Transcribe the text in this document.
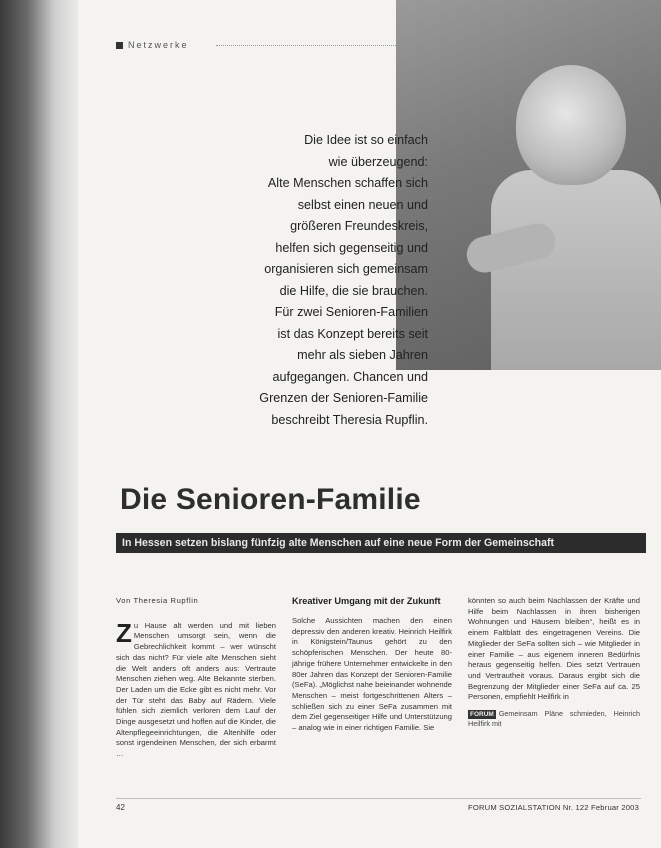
Netzwerke
Die Idee ist so einfach
wie überzeugend:
Alte Menschen schaffen sich
selbst einen neuen und
größeren Freundeskreis,
helfen sich gegenseitig und
organisieren sich gemeinsam
die Hilfe, die sie brauchen.
Für zwei Senioren-Familien
ist das Konzept bereits seit
mehr als sieben Jahren
aufgegangen. Chancen und
Grenzen der Senioren-Familie
beschreibt Theresia Rupflin.
Die Senioren-Familie
In Hessen setzen bislang fünfzig alte Menschen auf eine neue Form der Gemeinschaft
Von Theresia Rupflin
Z u Hause alt werden und mit lieben Menschen umsorgt sein, wenn die Gebrechlichkeit kommt – wer wünscht sich das nicht? Für viele alte Menschen sieht die Welt anders oft anders aus: Vertraute Menschen ziehen weg. Alte Bekannte sterben. Der Laden um die Ecke gibt es nicht mehr. Vor der Tür steht das Baby auf Rädern. Viele fühlen sich ziemlich verloren dem Lauf der Dinge ausgesetzt und hoffen auf die Kinder, die Altenpflegeeinrichtungen, die Altenhilfe oder sonst irgendeinen Menschen, der sich erbarmt …

Kreativer Umgang mit der Zukunft

Solche Aussichten machen den einen depressiv den anderen kreativ. Heinrich Heilfirk in Königstein/Taunus gehört zu den schöpferischen Menschen. Der heute 80-jährige frühere Unternehmer entwickelte in den 80er Jahren das Konzept der Senioren-Familie (SeFa). „Möglichst nahe beieinander wohnende Menschen – meist fortgeschrittenen Alters – schließen sich zu einer SeFa zusammen mit dem Ziel gegenseitiger Hilfe und Unterstützung – analog wie in einer richtigen Familie. Sie

könnten so auch beim Nachlassen der Kräfte und Hilfe beim Nachlassen in ihren bisherigen Wohnungen und Häusern bleiben“, heißt es in einem Faltblatt des eingetragenen Vereins. Die Mitglieder der SeFa sollten sich – wie Mitglieder in einer Familie – aus eigenem inneren Bedürfnis heraus gegenseitig helfen. Dies setzt Vertrauen und Vertrautheit voraus. Daraus ergibt sich die Begrenzung der Mitglieder einer SeFa auf ca. 25 Personen, empfiehlt Heilfirk in

FORUM Gemeinsam Pläne schmieden, Heinrich Heilfirk mit
42	FORUM SOZIALSTATION Nr. 122 Februar 2003
